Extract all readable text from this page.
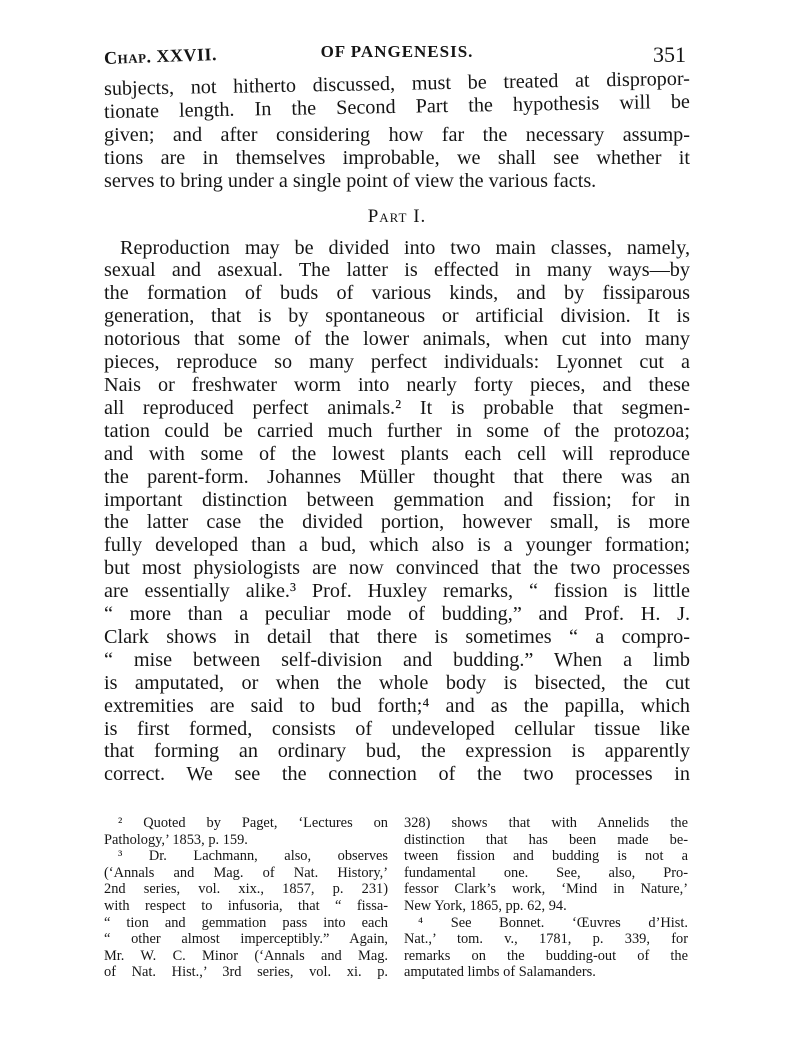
Chap. XXVII.	OF PANGENESIS.	351
subjects, not hitherto discussed, must be treated at dispropor-
tionate length. In the Second Part the hypothesis will be
given; and after considering how far the necessary assump-
tions are in themselves improbable, we shall see whether it
serves to bring under a single point of view the various facts.
Part I.
Reproduction may be divided into two main classes, namely,
sexual and asexual. The latter is effected in many ways—by
the formation of buds of various kinds, and by fissiparous
generation, that is by spontaneous or artificial division. It is
notorious that some of the lower animals, when cut into many
pieces, reproduce so many perfect individuals: Lyonnet cut a
Nais or freshwater worm into nearly forty pieces, and these
all reproduced perfect animals.² It is probable that segmen-
tation could be carried much further in some of the protozoa;
and with some of the lowest plants each cell will reproduce
the parent-form. Johannes Müller thought that there was an
important distinction between gemmation and fission; for in
the latter case the divided portion, however small, is more
fully developed than a bud, which also is a younger formation;
but most physiologists are now convinced that the two processes
are essentially alike.³ Prof. Huxley remarks, “ fission is little
“ more than a peculiar mode of budding,” and Prof. H. J.
Clark shows in detail that there is sometimes “ a compro-
“ mise between self-division and budding.” When a limb
is amputated, or when the whole body is bisected, the cut
extremities are said to bud forth;⁴ and as the papilla, which
is first formed, consists of undeveloped cellular tissue like
that forming an ordinary bud, the expression is apparently
correct. We see the connection of the two processes in
² Quoted by Paget, ‘Lectures on
Pathology,’ 1853, p. 159.
³ Dr. Lachmann, also, observes
(‘Annals and Mag. of Nat. History,’
2nd series, vol. xix., 1857, p. 231)
with respect to infusoria, that “ fissa-
“ tion and gemmation pass into each
“ other almost imperceptibly.” Again,
Mr. W. C. Minor (‘Annals and Mag.
of Nat. Hist.,’ 3rd series, vol. xi. p.
328) shows that with Annelids the
distinction that has been made be-
tween fission and budding is not a
fundamental one. See, also, Pro-
fessor Clark’s work, ‘Mind in Nature,’
New York, 1865, pp. 62, 94.
⁴ See Bonnet. ‘Œuvres d’Hist.
Nat.,’ tom. v., 1781, p. 339, for
remarks on the budding-out of the
amputated limbs of Salamanders.
